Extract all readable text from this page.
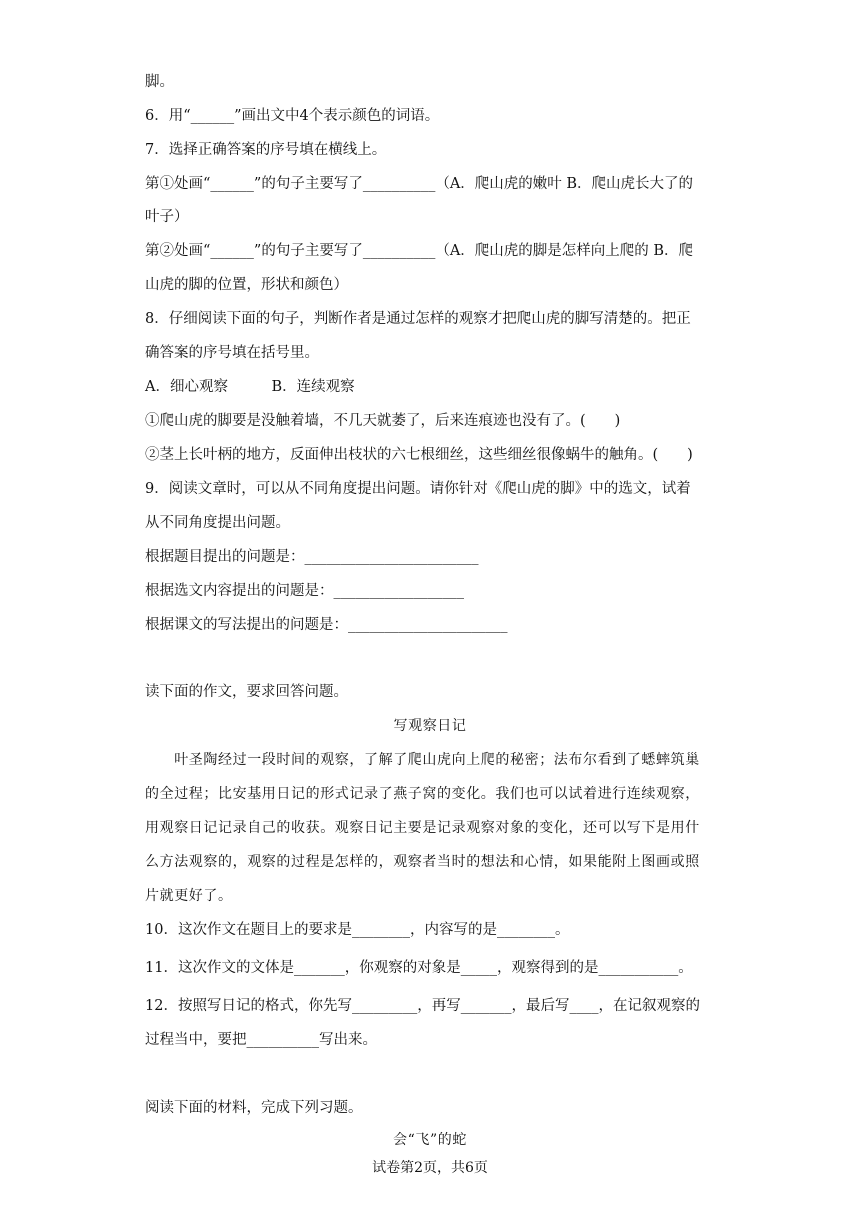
脚。
6．用“______”画出文中4个表示颜色的词语。
7．选择正确答案的序号填在横线上。
第①处画“______”的句子主要写了__________（A．爬山虎的嫩叶 B．爬山虎长大了的
叶子）
第②处画“______”的句子主要写了__________（A．爬山虎的脚是怎样向上爬的 B．爬
山虎的脚的位置，形状和颜色）
8．仔细阅读下面的句子，判断作者是通过怎样的观察才把爬山虎的脚写清楚的。把正
确答案的序号填在括号里。
A．细心观察　　　B．连续观察
①爬山虎的脚要是没触着墙，不几天就萎了，后来连痕迹也没有了。(　　)
②茎上长叶柄的地方，反面伸出枝状的六七根细丝，这些细丝很像蜗牛的触角。(　　)
9．阅读文章时，可以从不同角度提出问题。请你针对《爬山虎的脚》中的选文，试着
从不同角度提出问题。
根据题目提出的问题是：________________________
根据选文内容提出的问题是：__________________
根据课文的写法提出的问题是：______________________
读下面的作文，要求回答问题。
写观察日记
　　叶圣陶经过一段时间的观察，了解了爬山虎向上爬的秘密；法布尔看到了蟋蟀筑巢
的全过程；比安基用日记的形式记录了燕子窝的变化。我们也可以试着进行连续观察，
用观察日记记录自己的收获。观察日记主要是记录观察对象的变化，还可以写下是用什
么方法观察的，观察的过程是怎样的，观察者当时的想法和心情，如果能附上图画或照
片就更好了。
10．这次作文在题目上的要求是________，内容写的是________。
11．这次作文的文体是_______，你观察的对象是_____，观察得到的是___________。
12．按照写日记的格式，你先写_________，再写_______，最后写____，在记叙观察的
过程当中，要把__________写出来。
阅读下面的材料，完成下列习题。
会“飞”的蛇
试卷第2页，共6页
